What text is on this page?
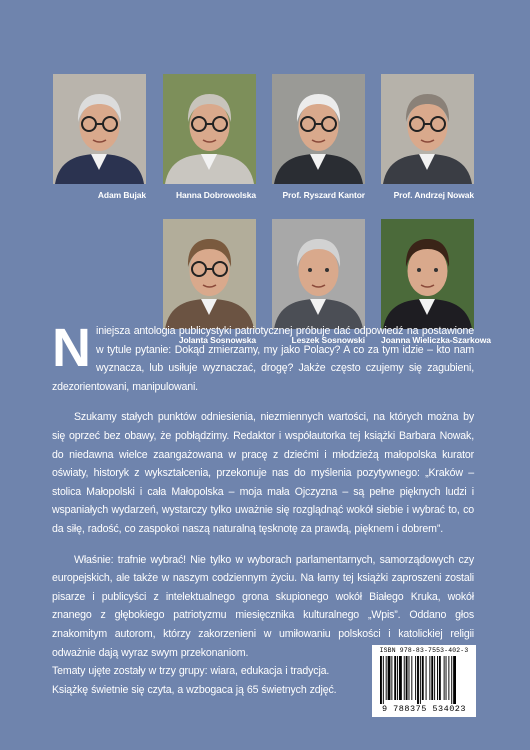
Adam Bujak	Hanna Dobrowolska	Prof. Ryszard Kantor	Prof. Andrzej Nowak
Jolanta Sosnowska	Leszek Sosnowski Joanna Wieliczka-Szarkowa

Niniejsza antologia publicystyki patriotycznej próbuje dać odpowiedź na postawione w tytule pytanie: Dokąd zmierzamy, my jako Polacy? A co za tym idzie – kto nam wyznacza, lub usiłuje wyznaczać, drogę? Jakże często czujemy się zagubieni, zdezorientowani, manipulowani.

Szukamy stałych punktów odniesienia, niezmiennych wartości, na których można by się oprzeć bez obawy, że pobłądzimy. Redaktor i współautorka tej książki Barbara Nowak, do niedawna wielce zaangażowana w pracę z dziećmi i młodzieżą małopolska kurator oświaty, historyk z wykształcenia, przekonuje nas do myślenia pozytywnego: „Kraków – stolica Małopolski i cała Małopolska – moja mała Ojczyzna – są pełne pięknych ludzi i wspaniałych wydarzeń, wystarczy tylko uważnie się rozglądnąć wokół siebie i wybrać to, co da siłę, radość, co zaspokoi naszą naturalną tęsknotę za prawdą, pięknem i dobrem”.

Właśnie: trafnie wybrać! Nie tylko w wyborach parlamentarnych, samorządowych czy europejskich, ale także w naszym codziennym życiu. Na łamy tej książki zaproszeni zostali pisarze i publicyści z intelektualnego grona skupionego wokół Białego Kruka, wokół znanego z głębokiego patriotyzmu miesięcznika kulturalnego „Wpis”. Oddano głos znakomitym autorom, którzy zakorzenieni w umiłowaniu polskości i katolickiej religii odważnie dają wyraz swym przekonaniom.

Tematy ujęte zostały w trzy grupy: wiara, edukacja i tradycja. Książkę świetnie się czyta, a wzbogaca ją 65 świetnych zdjęć.

ISBN 978-83-7553-402-3
9 788375 534023
